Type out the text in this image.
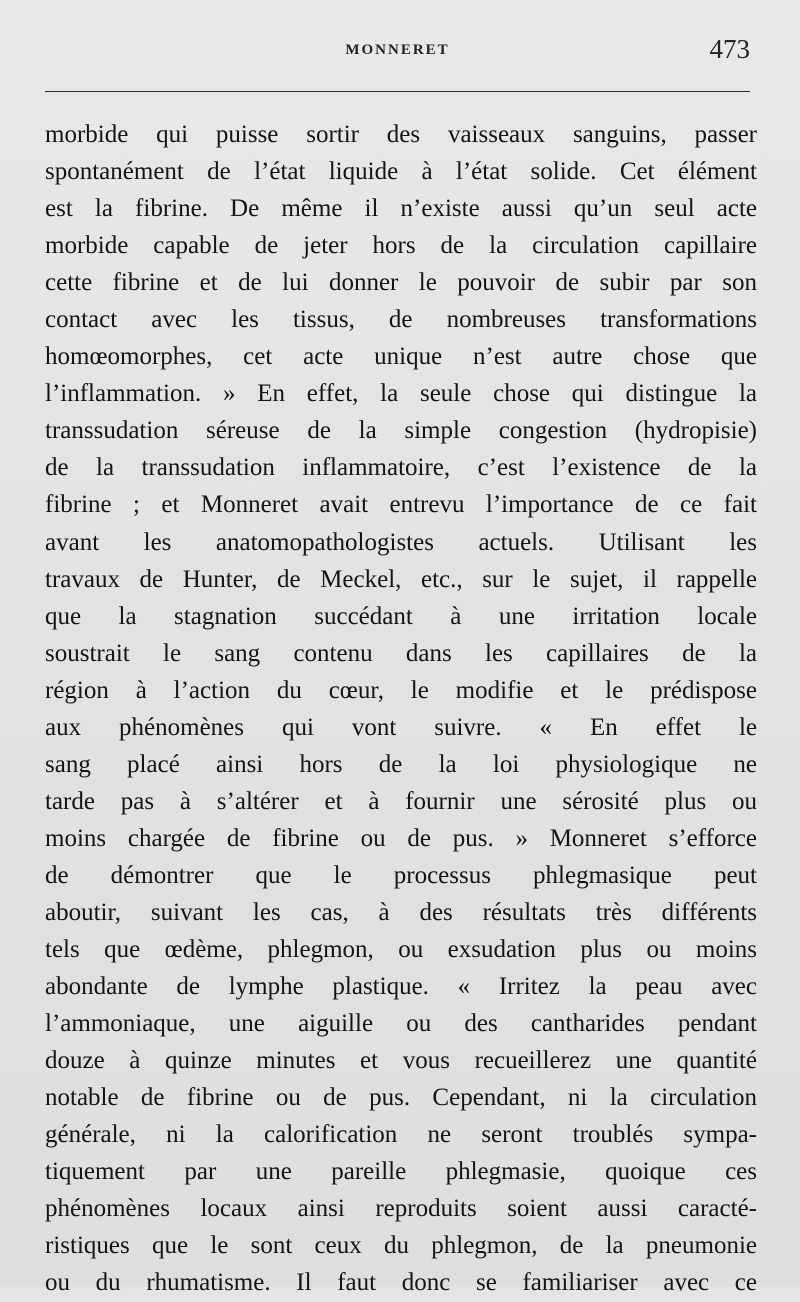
MONNERET	473
morbide qui puisse sortir des vaisseaux sanguins, passer
spontanément de l’état liquide à l’état solide. Cet élément
est la fibrine. De même il n’existe aussi qu’un seul acte
morbide capable de jeter hors de la circulation capillaire
cette fibrine et de lui donner le pouvoir de subir par son
contact avec les tissus, de nombreuses transformations
homœomorphes, cet acte unique n’est autre chose que
l’inflammation. » En effet, la seule chose qui distingue la
transsudation séreuse de la simple congestion (hydropisie)
de la transsudation inflammatoire, c’est l’existence de la
fibrine ; et Monneret avait entrevu l’importance de ce fait
avant les anatomopathologistes actuels. Utilisant les
travaux de Hunter, de Meckel, etc., sur le sujet, il rappelle
que la stagnation succédant à une irritation locale
soustrait le sang contenu dans les capillaires de la
région à l’action du cœur, le modifie et le prédispose
aux phénomènes qui vont suivre. « En effet le
sang placé ainsi hors de la loi physiologique ne
tarde pas à s’altérer et à fournir une sérosité plus ou
moins chargée de fibrine ou de pus. » Monneret s’efforce
de démontrer que le processus phlegmasique peut
aboutir, suivant les cas, à des résultats très différents
tels que œdème, phlegmon, ou exsudation plus ou moins
abondante de lymphe plastique. « Irritez la peau avec
l’ammoniaque, une aiguille ou des cantharides pendant
douze à quinze minutes et vous recueillerez une quantité
notable de fibrine ou de pus. Cependant, ni la circulation
générale, ni la calorification ne seront troublés sympa-
tiquement par une pareille phlegmasie, quoique ces
phénomènes locaux ainsi reproduits soient aussi caracté-
ristiques que le sont ceux du phlegmon, de la pneumonie
ou du rhumatisme. Il faut donc se familiariser avec ce
